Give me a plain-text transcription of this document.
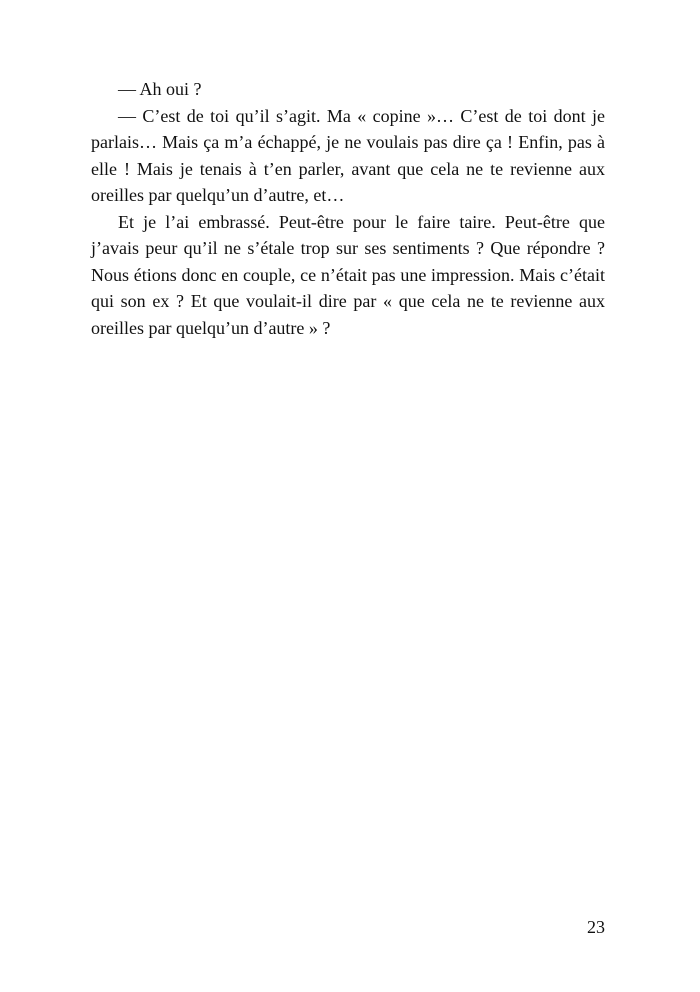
— Ah oui ?

— C’est de toi qu’il s’agit. Ma « copine »… C’est de toi dont je parlais… Mais ça m’a échappé, je ne voulais pas dire ça ! Enfin, pas à elle ! Mais je tenais à t’en parler, avant que cela ne te revienne aux oreilles par quelqu’un d’autre, et…

Et je l’ai embrassé. Peut-être pour le faire taire. Peut-être que j’avais peur qu’il ne s’étale trop sur ses sentiments ? Que répondre ? Nous étions donc en couple, ce n’était pas une impression. Mais c’était qui son ex ? Et que voulait-il dire par « que cela ne te revienne aux oreilles par quelqu’un d’autre » ?

23
